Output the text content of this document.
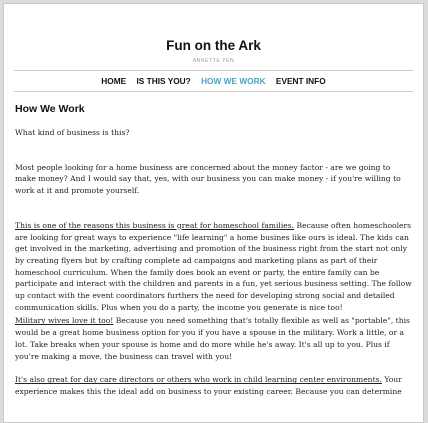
Fun on the Ark
ANNETTE YEN
HOME IS THIS YOU? HOW WE WORK EVENT INFO
How We Work

What kind of business is this?

Most people looking for a home business are concerned about the money factor - are we going to make money? And I would say that, yes, with our business you can make money - if you're willing to work at it and promote yourself.

This is one of the reasons this business is great for homeschool families. Because often homeschoolers are looking for great ways to experience "life learning" a home busines like ours is ideal. The kids can get involved in the marketing, advertising and promotion of the business right from the start not only by creating flyers but by crafting complete ad campaigns and marketing plans as part of their homeschool curriculum. When the family does book an event or party, the entire family can be participate and interact with the children and parents in a fun, yet serious business setting. The follow up contact with the event coordinators furthers the need for developing strong social and detailed communication skills. Plus when you do a party, the income you generate is nice too!

Military wives love it too! Because you need something that's totally flexible as well as "portable", this would be a great home business option for you if you have a spouse in the military. Work a little, or a lot. Take breaks when your spouse is home and do more while he's away. It's all up to you. Plus if you're making a move, the business can travel with you!

It's also great for day care directors or others who work in child learning center environments. Your experience makes this the ideal add on business to your existing career. Because you can determine
